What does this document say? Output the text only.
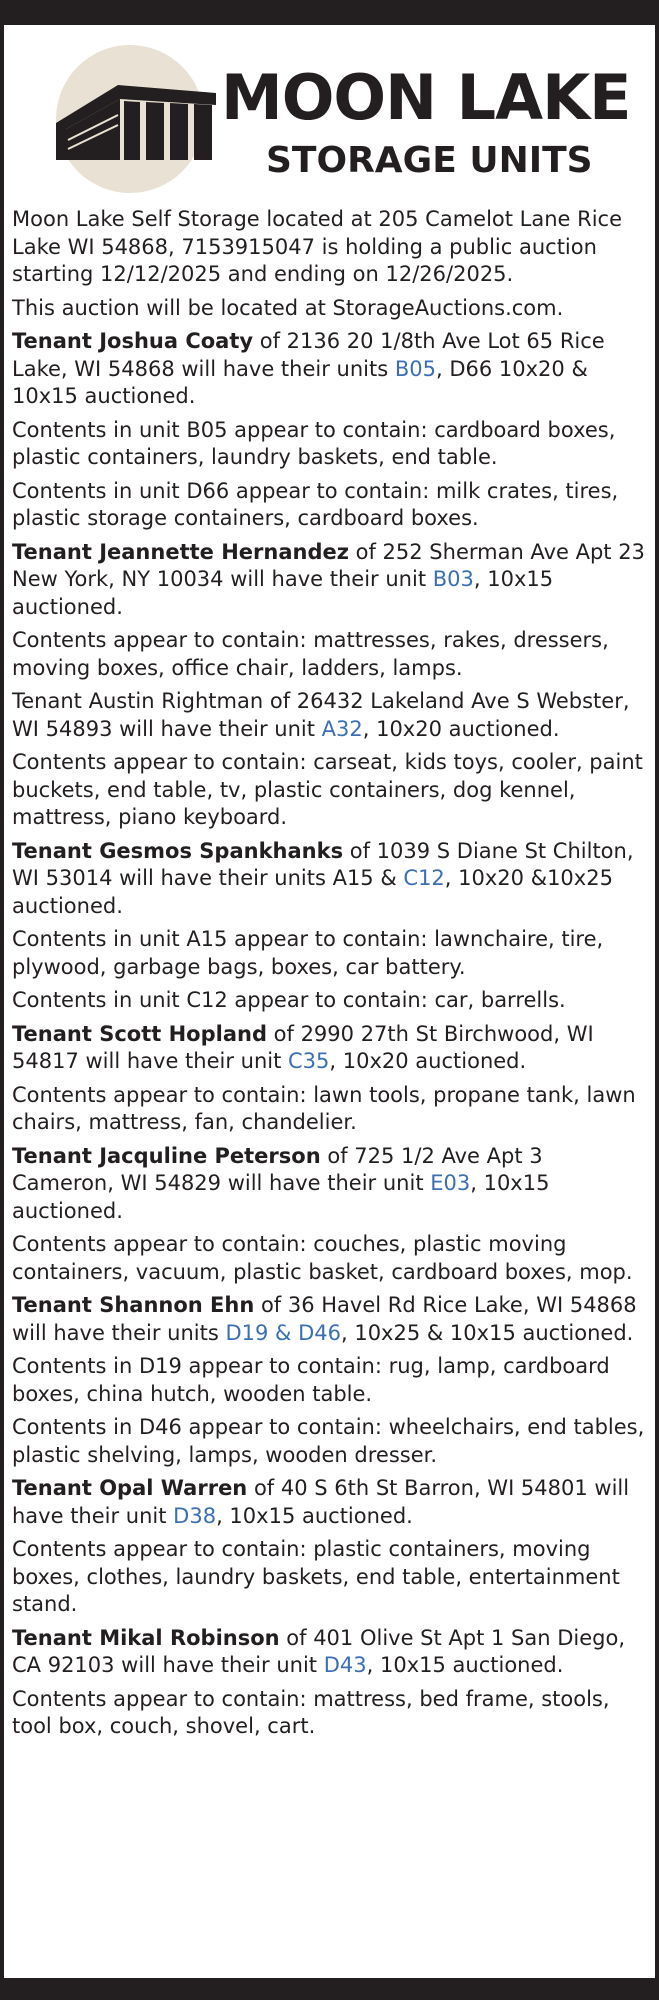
MOON LAKE
STORAGE UNITS

Moon Lake Self Storage located at 205 Camelot Lane Rice Lake WI 54868, 7153915047 is holding a public auction starting 12/12/2025 and ending on 12/26/2025.

This auction will be located at StorageAuctions.com.

Tenant Joshua Coaty of 2136 20 1/8th Ave Lot 65 Rice Lake, WI 54868 will have their units B05, D66 10x20 & 10x15 auctioned.

Contents in unit B05 appear to contain: cardboard boxes, plastic containers, laundry baskets, end table.

Contents in unit D66 appear to contain: milk crates, tires, plastic storage containers, cardboard boxes.

Tenant Jeannette Hernandez of 252 Sherman Ave Apt 23 New York, NY 10034 will have their unit B03, 10x15 auctioned.

Contents appear to contain: mattresses, rakes, dressers, moving boxes, office chair, ladders, lamps.

Tenant Austin Rightman of 26432 Lakeland Ave S Webster, WI 54893 will have their unit A32, 10x20 auctioned.

Contents appear to contain: carseat, kids toys, cooler, paint buckets, end table, tv, plastic containers, dog kennel, mattress, piano keyboard.

Tenant Gesmos Spankhanks of 1039 S Diane St Chilton, WI 53014 will have their units A15 & C12, 10x20 &10x25 auctioned.

Contents in unit A15 appear to contain: lawnchaire, tire, plywood, garbage bags, boxes, car battery.

Contents in unit C12 appear to contain: car, barrells.

Tenant Scott Hopland of 2990 27th St Birchwood, WI 54817 will have their unit C35, 10x20 auctioned.

Contents appear to contain: lawn tools, propane tank, lawn chairs, mattress, fan, chandelier.

Tenant Jacquline Peterson of 725 1/2 Ave Apt 3 Cameron, WI 54829 will have their unit E03, 10x15 auctioned.

Contents appear to contain: couches, plastic moving containers, vacuum, plastic basket, cardboard boxes, mop.

Tenant Shannon Ehn of 36 Havel Rd Rice Lake, WI 54868 will have their units D19 & D46, 10x25 & 10x15 auctioned.

Contents in D19 appear to contain: rug, lamp, cardboard boxes, china hutch, wooden table.

Contents in D46 appear to contain: wheelchairs, end tables, plastic shelving, lamps, wooden dresser.

Tenant Opal Warren of 40 S 6th St Barron, WI 54801 will have their unit D38, 10x15 auctioned.

Contents appear to contain: plastic containers, moving boxes, clothes, laundry baskets, end table, entertainment stand.

Tenant Mikal Robinson of 401 Olive St Apt 1 San Diego, CA 92103 will have their unit D43, 10x15 auctioned.

Contents appear to contain: mattress, bed frame, stools, tool box, couch, shovel, cart.
